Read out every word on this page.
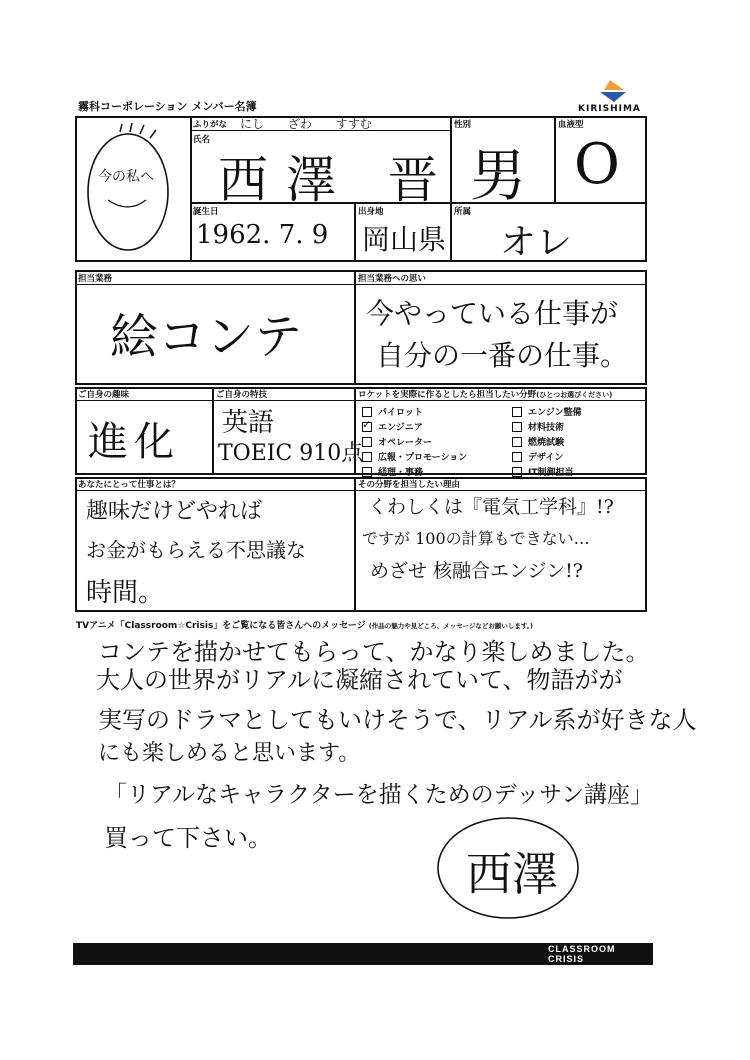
霧科コーポレーション メンバー名簿	KIRISHIMA
今の私へ
ふりがな にし ざわ すすむ
氏名
西澤 晋
性別
男
血液型
O
誕生日
1962. 7. 9
出身地
岡山県
所属
オレ
担当業務
絵コンテ
担当業務への思い
今やっている仕事が
自分の一番の仕事。
ご自身の趣味
進化
ご自身の特技
英語
TOEIC 910点
ロケットを実際に作るとしたら担当したい分野(ひとつお選びください)
パイロット	エンジン整備
✓
エンジニア	材料技術
オペレーター	燃焼試験
広報・プロモーション	デザイン
経理・事務	IT制御担当
あなたにとって仕事とは？
趣味だけどやれば
お金がもらえる不思議な
時間。
その分野を担当したい理由
くわしくは『電気工学科』!?
ですが 100の計算もできない…
めざせ 核融合エンジン!?
TVアニメ「Classroom☆Crisis」をご覧になる皆さんへのメッセージ (作品の魅力や見どころ、メッセージなどお願いします。)
コンテを描かせてもらって、かなり楽しめました。
大人の世界がリアルに凝縮されていて、物語がが
実写のドラマとしてもいけそうで、リアル系が好きな人
にも楽しめると思います。
「リアルなキャラクターを描くためのデッサン講座」
買って下さい。
西澤
CLASSROOM
CRISIS
